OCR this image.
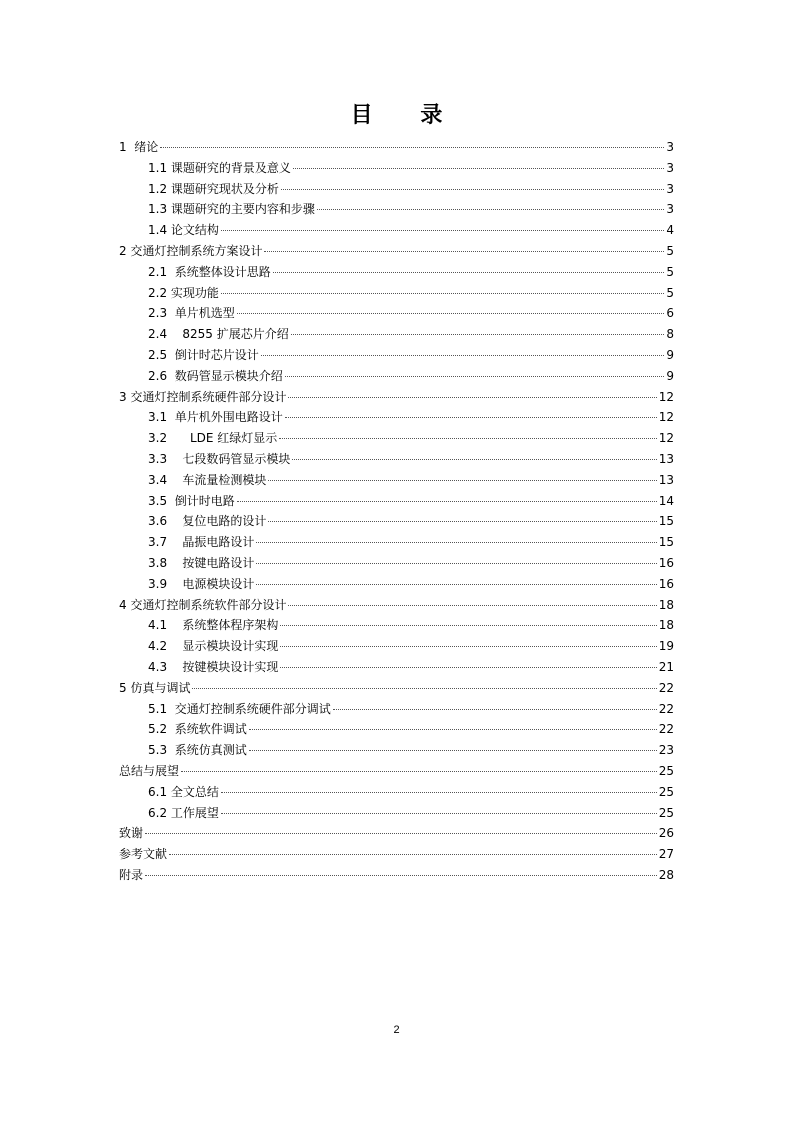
目 录
1  绪论	3
1.1 课题研究的背景及意义	3
1.2 课题研究现状及分析	3
1.3 课题研究的主要内容和步骤	3
1.4 论文结构	4
2 交通灯控制系统方案设计	5
2.1  系统整体设计思路	5
2.2 实现功能	5
2.3  单片机选型	6
2.4    8255 扩展芯片介绍	8
2.5  倒计时芯片设计	9
2.6  数码管显示模块介绍	9
3 交通灯控制系统硬件部分设计	12
3.1  单片机外围电路设计	12
3.2      LDE 红绿灯显示	12
3.3    七段数码管显示模块	13
3.4    车流量检测模块	13
3.5  倒计时电路	14
3.6    复位电路的设计	15
3.7    晶振电路设计	15
3.8    按键电路设计	16
3.9    电源模块设计	16
4 交通灯控制系统软件部分设计	18
4.1    系统整体程序架构	18
4.2    显示模块设计实现	19
4.3    按键模块设计实现	21
5 仿真与调试	22
5.1  交通灯控制系统硬件部分调试	22
5.2  系统软件调试	22
5.3  系统仿真测试	23
总结与展望	25
6.1 全文总结	25
6.2 工作展望	25
致谢	26
参考文献	27
附录	28
2
